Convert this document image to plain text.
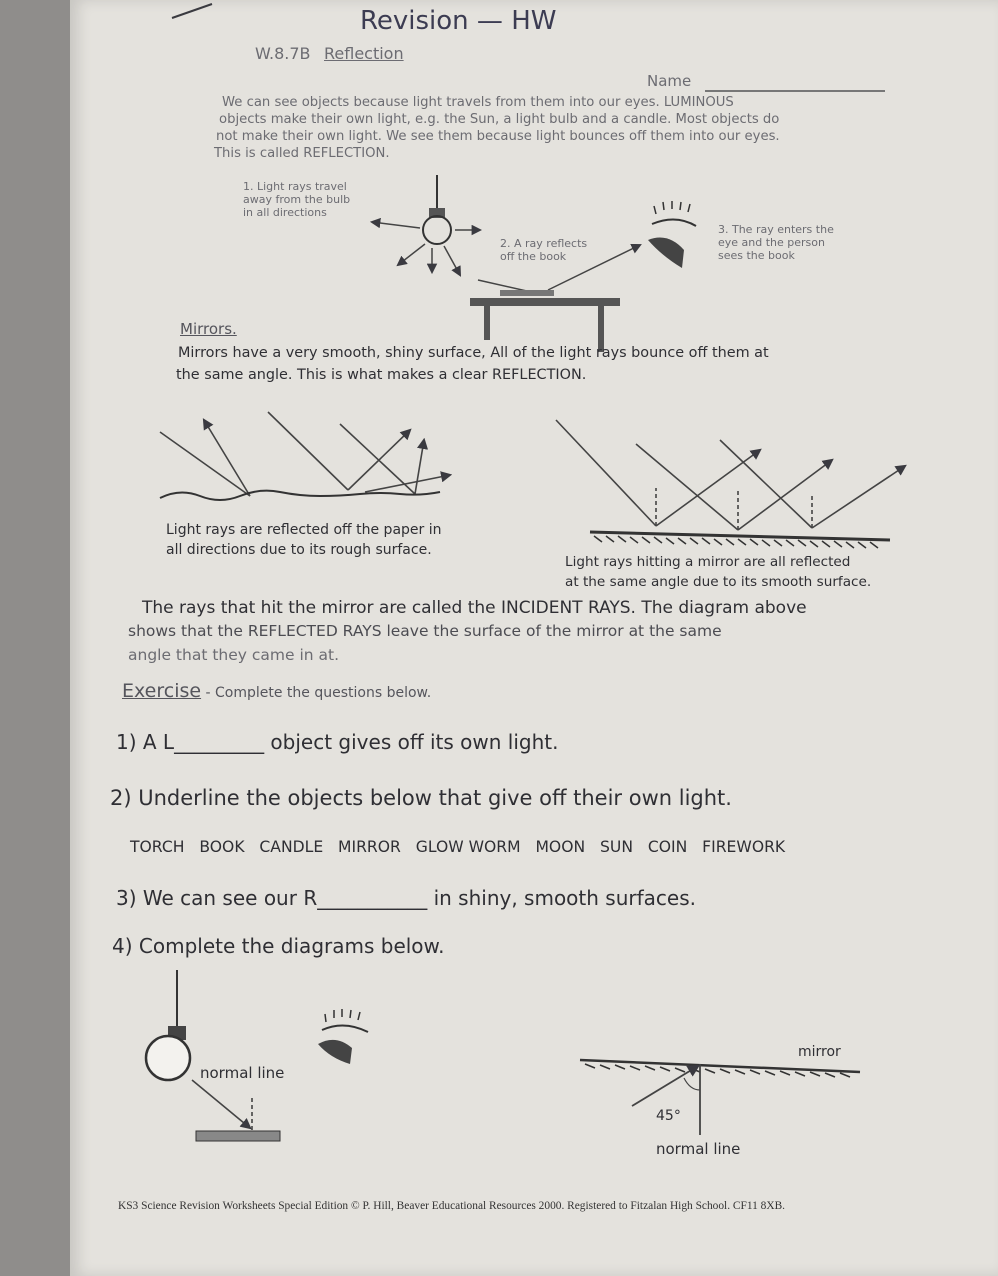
Revision — HW
W.8.7B Reflection
Name
We can see objects because light travels from them into our eyes. LUMINOUS
objects make their own light, e.g. the Sun, a light bulb and a candle. Most objects do
not make their own light. We see them because light bounces off them into our eyes.
This is called REFLECTION.
1. Light rays travel
away from the bulb
in all directions
2. A ray reflects
off the book
3. The ray enters the
eye and the person
sees the book
Mirrors.
Mirrors have a very smooth, shiny surface, All of the light rays bounce off them at
the same angle. This is what makes a clear REFLECTION.
Light rays are reflected off the paper in
all directions due to its rough surface.
Light rays hitting a mirror are all reflected
at the same angle due to its smooth surface.
The rays that hit the mirror are called the INCIDENT RAYS. The diagram above
shows that the REFLECTED RAYS leave the surface of the mirror at the same
angle that they came in at.
Exercise - Complete the questions below.
1) A L_________ object gives off its own light.
2) Underline the objects below that give off their own light.
TORCH   BOOK   CANDLE   MIRROR   GLOW WORM   MOON   SUN   COIN   FIREWORK
3) We can see our R___________ in shiny, smooth surfaces.
4) Complete the diagrams below.
normal line
mirror
45°
normal line
KS3 Science Revision Worksheets Special Edition © P. Hill, Beaver Educational Resources 2000. Registered to Fitzalan High School. CF11 8XB.
